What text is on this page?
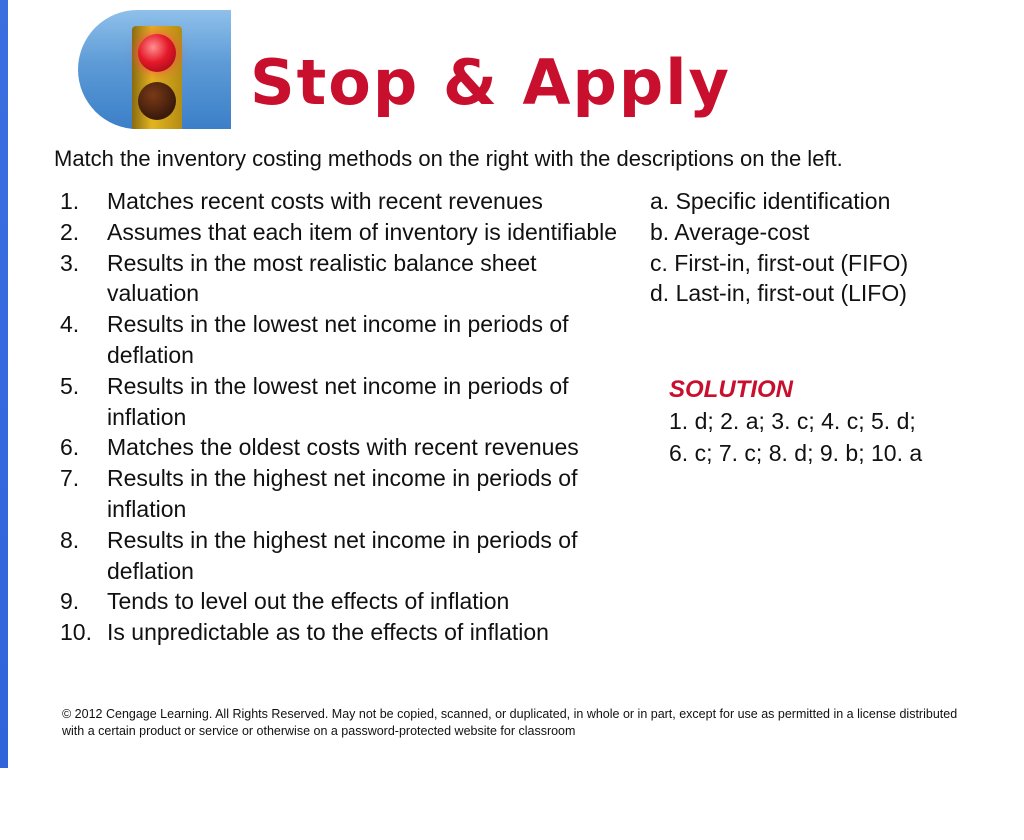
Stop & Apply
Match the inventory costing methods on the right with the descriptions on the left.
1.	Matches recent costs with recent revenues
2.	Assumes that each item of inventory is identifiable
3.	Results in the most realistic balance sheet valuation
4.	Results in the lowest net income in periods of deflation
5.	Results in the lowest net income in periods of inflation
6.	Matches the oldest costs with recent revenues
7.	Results in the highest net income in periods of inflation
8.	Results in the highest net income in periods of deflation
9.	Tends to level out the effects of inflation
10. Is unpredictable as to the effects of inflation
a. Specific identification
b. Average-cost
c. First-in, first-out (FIFO)
d. Last-in, first-out (LIFO)
SOLUTION
1. d; 2. a; 3. c; 4. c; 5. d;
6. c; 7. c; 8. d; 9. b; 10. a
© 2012 Cengage Learning. All Rights Reserved. May not be copied, scanned, or duplicated, in whole or in part, except for use as permitted in a license distributed with a certain product or service or otherwise on a password-protected website for classroom
